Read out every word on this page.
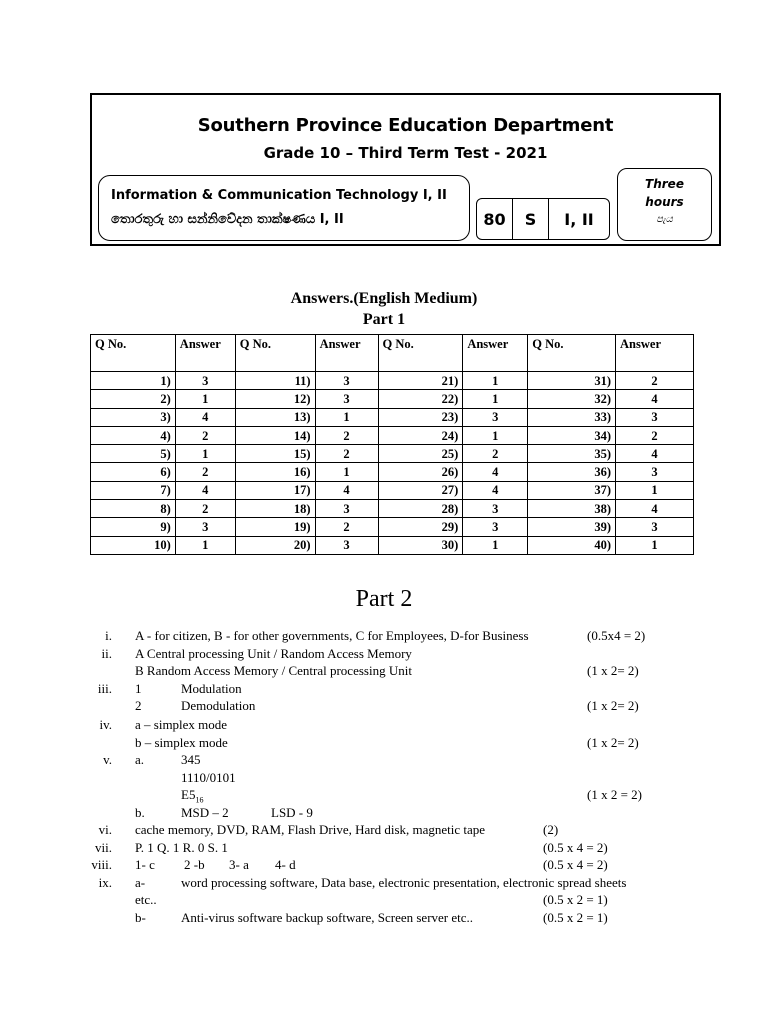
Southern Province Education Department
Grade 10 – Third Term Test - 2021
Information & Communication Technology I, II
තොරතුරු හා සන්නිවේදන තාක්ෂණය I, II	80	S	I, II
Three
hours
පැය
Answers.(English Medium)
Part 1
Q No.	Answer	Q No.	Answer	Q No.	Answer	Q No.	Answer
1)	3	11)	3	21)	1	31)	2
2)	1	12)	3	22)	1	32)	4
3)	4	13)	1	23)	3	33)	3
4)	2	14)	2	24)	1	34)	2
5)	1	15)	2	25)	2	35)	4
6)	2	16)	1	26)	4	36)	3
7)	4	17)	4	27)	4	37)	1
8)	2	18)	3	28)	3	38)	4
9)	3	19)	2	29)	3	39)	3
10)	1	20)	3	30)	1	40)	1
Part 2
i. A - for citizen, B - for other governments, C for Employees, D-for Business	(0.5x4 = 2)
ii. A Central processing Unit / Random Access Memory
B Random Access Memory / Central processing Unit	(1 x 2= 2)
iii. 1	Modulation
2	Demodulation	(1 x 2= 2)
iv. a – simplex mode
b – simplex mode	(1 x 2= 2)
v. a.	345
1110/0101
$E5_{16}$	(1 x 2 = 2)
b.	MSD – 2	LSD - 9
vi. cache memory, DVD, RAM, Flash Drive, Hard disk, magnetic tape	(2)
vii. P. 1 Q. 1 R. 0 S. 1	(0.5 x 4 = 2)
viii. 1- c 2 -b 3- a 4- d	(0.5 x 4 = 2)
ix. a-	word processing software, Data base, electronic presentation, electronic spread sheets
etc..	(0.5 x 2 = 1)
b-	Anti-virus software backup software, Screen server etc..	(0.5 x 2 = 1)
